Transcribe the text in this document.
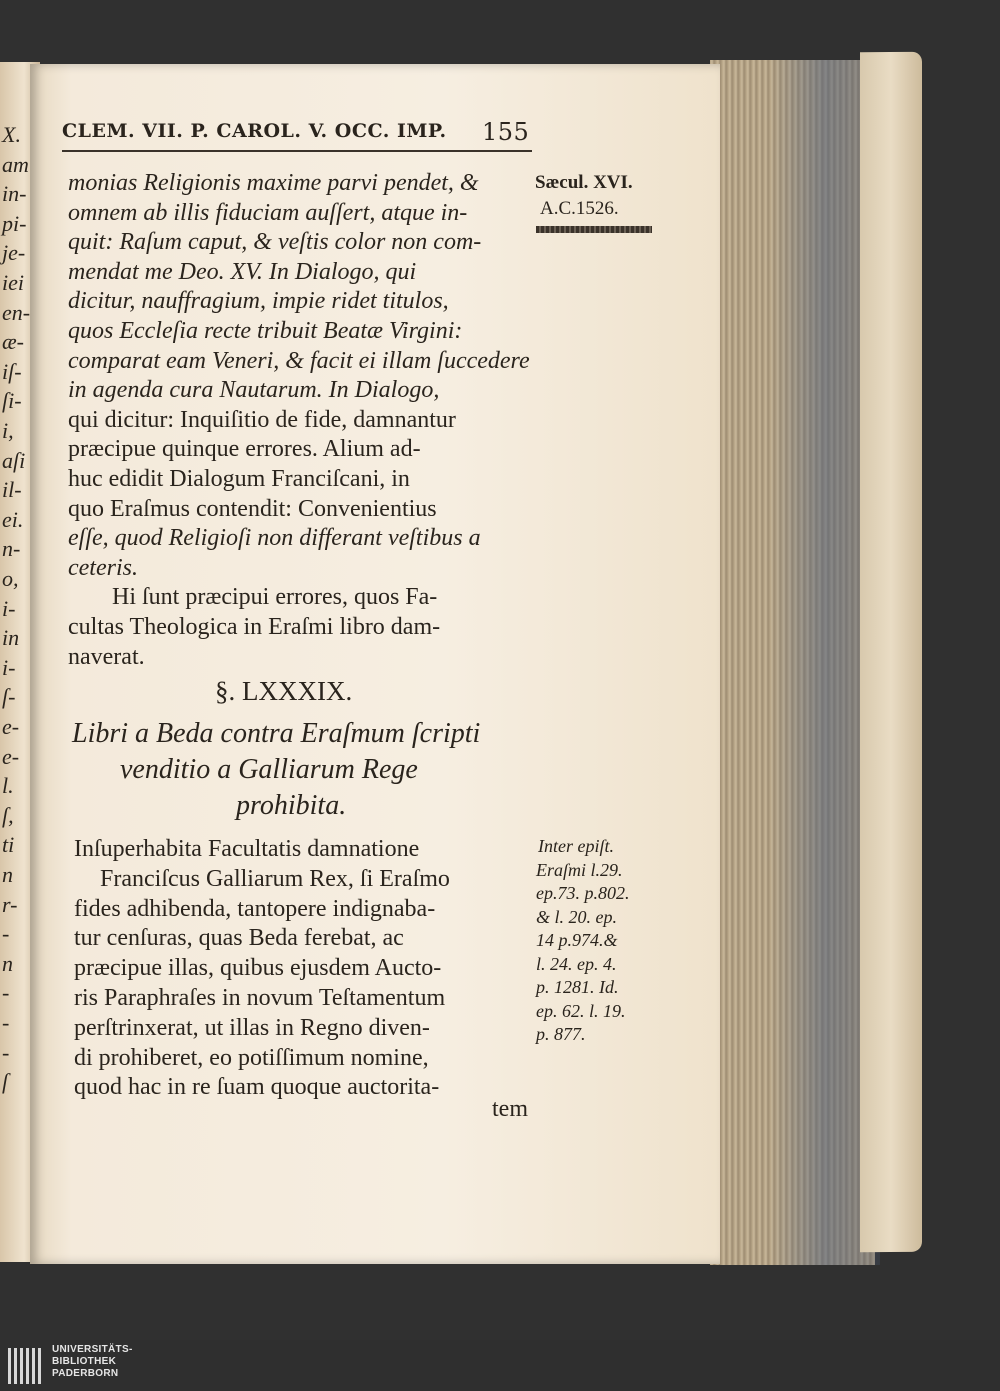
X.
am
in-
pi-
je-
iei
en-
æ-
iſ-
ſi-
i,
aſi
il-
ei.
n-
o,
i-
in
i-
ſ-
e-
e-
l.
ſ,
ti
n
r-
-
n
-
-
-
ſ

CLEM. VII. P. CAROL. V. OCC. IMP. 155

Sæcul. XVI.

A.C.1526.

monias Religionis maxime parvi pendet, &

omnem ab illis fiduciam auſſert, atque in-

quit: Raſum caput, & veſtis color non com-

mendat me Deo. XV. In Dialogo, qui

dicitur, nauffragium, impie ridet titulos,

quos Eccleſia recte tribuit Beatæ Virgini:

comparat eam Veneri, & facit ei illam ſuccedere

in agenda cura Nautarum. In Dialogo,

qui dicitur: Inquiſitio de fide, damnantur

præcipue quinque errores. Alium ad-

huc edidit Dialogum Franciſcani, in

quo Eraſmus contendit: Convenientius

eſſe, quod Religioſi non differant veſtibus a

ceteris.

Hi ſunt præcipui errores, quos Fa-

cultas Theologica in Eraſmi libro dam-

naverat.

§. LXXXIX.

Libri a Beda contra Eraſmum ſcripti

venditio a Galliarum Rege

prohibita.

Inſuperhabita Facultatis damnatione

Franciſcus Galliarum Rex, ſi Eraſmo

fides adhibenda, tantopere indignaba-

tur cenſuras, quas Beda ferebat, ac

præcipue illas, quibus ejusdem Aucto-

ris Paraphraſes in novum Teſtamentum

perſtrinxerat, ut illas in Regno diven-

di prohiberet, eo potiſſimum nomine,

quod hac in re ſuam quoque auctorita-

tem

Inter epiſt.

Eraſmi l.29.

ep.73. p.802.

& l. 20. ep.

14 p.974.&

l. 24. ep. 4.

p. 1281. Id.

ep. 62. l. 19.

p. 877.

UNIVERSITÄTS-
BIBLIOTHEK
PADERBORN
